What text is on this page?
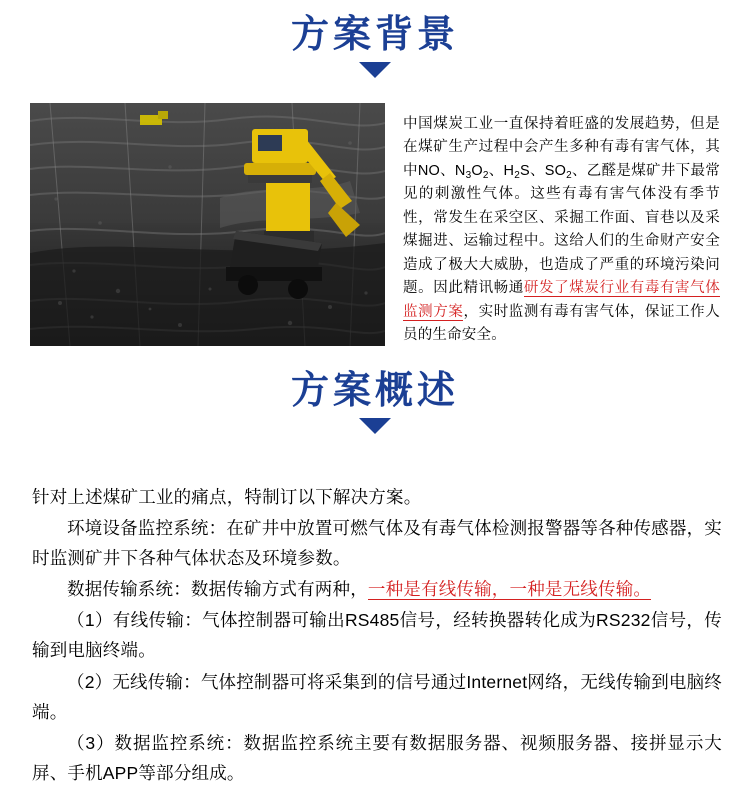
方案背景
中国煤炭工业一直保持着旺盛的发展趋势，但是在煤矿生产过程中会产生多种有毒有害气体，其中NO、$N_3O_2$、$H_2S$、$SO_2$、乙醛是煤矿井下最常见的刺激性气体。这些有毒有害气体没有季节性，常发生在采空区、采掘工作面、盲巷以及采煤掘进、运输过程中。这给人们的生命财产安全造成了极大大威胁，也造成了严重的环境污染问题。因此精讯畅通研发了煤炭行业有毒有害气体监测方案，实时监测有毒有害气体，保证工作人员的生命安全。
方案概述

针对上述煤矿工业的痛点，特制订以下解决方案。

环境设备监控系统：在矿井中放置可燃气体及有毒气体检测报警器等各种传感器，实时监测矿井下各种气体状态及环境参数。

数据传输系统：数据传输方式有两种，一种是有线传输，一种是无线传输。

（1）有线传输：气体控制器可输出RS485信号，经转换器转化成为RS232信号，传输到电脑终端。

（2）无线传输：气体控制器可将采集到的信号通过Internet网络，无线传输到电脑终端。

（3）数据监控系统：数据监控系统主要有数据服务器、视频服务器、接拼显示大屏、手机APP等部分组成。
